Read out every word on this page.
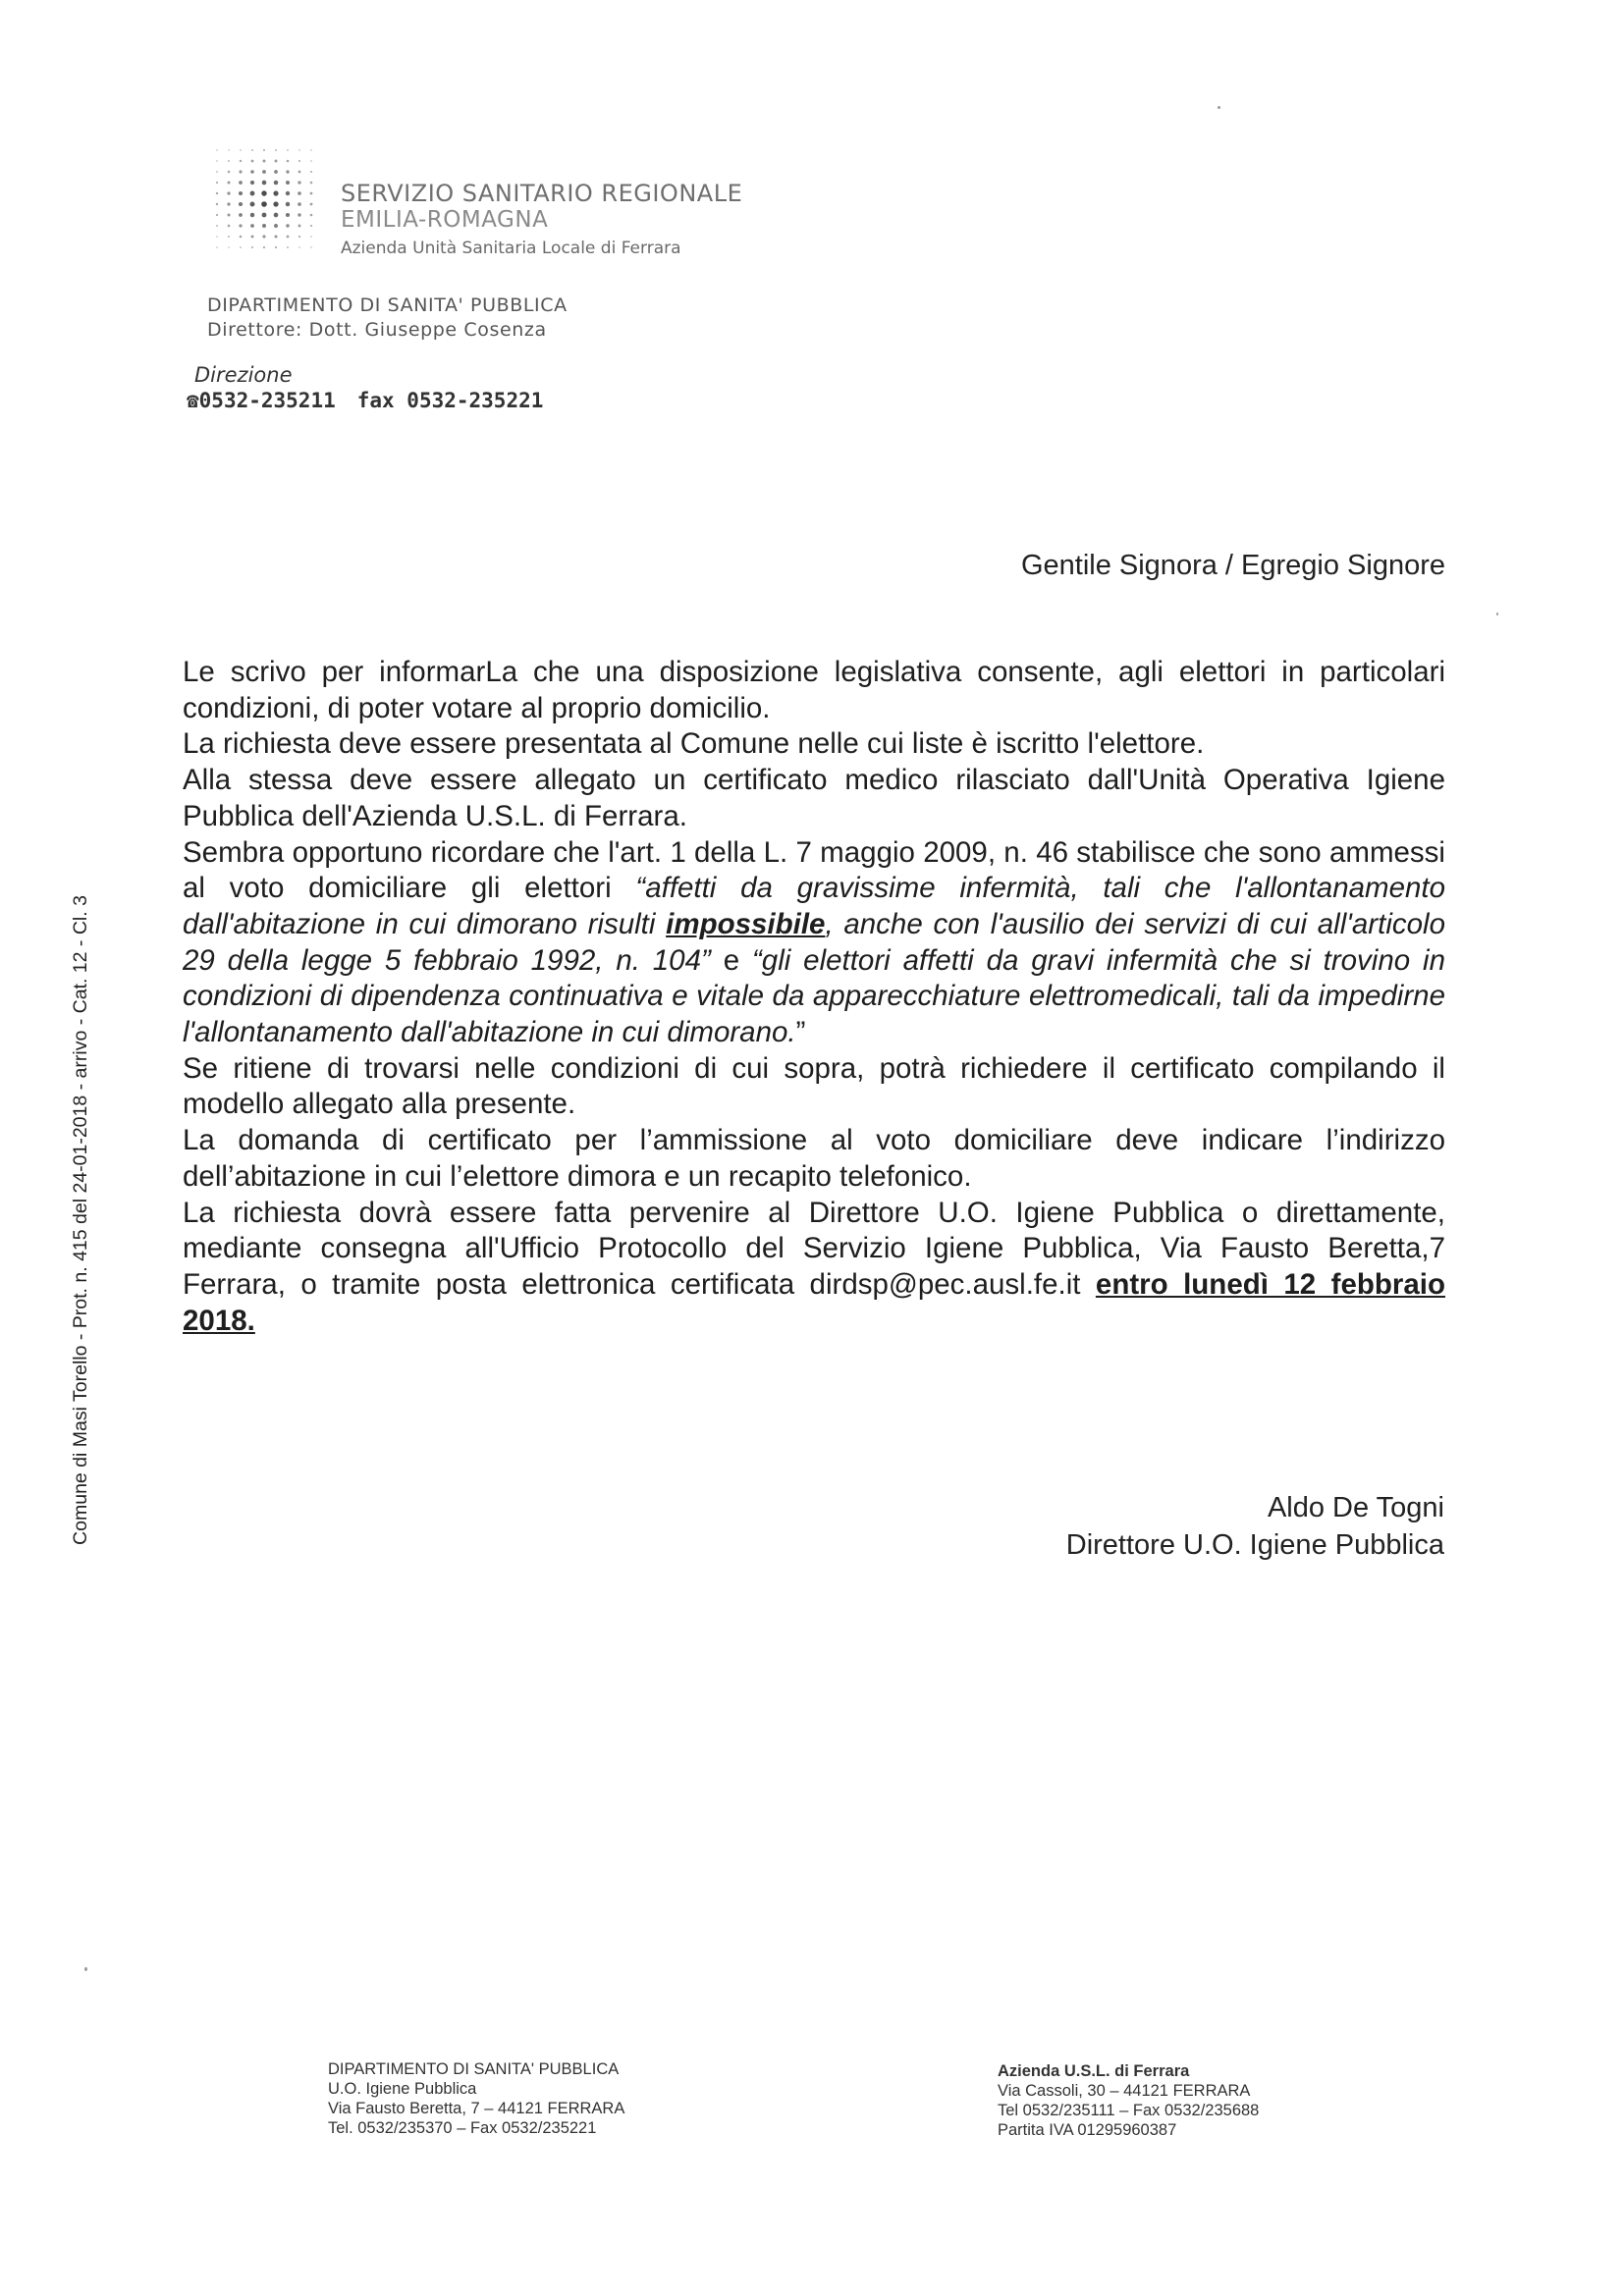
SERVIZIO SANITARIO REGIONALE
EMILIA-ROMAGNA
Azienda Unità Sanitaria Locale di Ferrara
DIPARTIMENTO DI SANITA' PUBBLICA
Direttore: Dott. Giuseppe Cosenza
Direzione
☎0532-235211 fax 0532-235221
Gentile Signora / Egregio Signore

Le scrivo per informarLa che una disposizione legislativa consente, agli elettori in particolari condizioni, di poter votare al proprio domicilio.

La richiesta deve essere presentata al Comune nelle cui liste è iscritto l'elettore.

Alla stessa deve essere allegato un certificato medico rilasciato dall'Unità Operativa Igiene Pubblica dell'Azienda U.S.L. di Ferrara.

Sembra opportuno ricordare che l'art. 1 della L. 7 maggio 2009, n. 46 stabilisce che sono ammessi al voto domiciliare gli elettori “affetti da gravissime infermità, tali che l'allontanamento dall'abitazione in cui dimorano risulti impossibile, anche con l'ausilio dei servizi di cui all'articolo 29 della legge 5 febbraio 1992, n. 104” e “gli elettori affetti da gravi infermità che si trovino in condizioni di dipendenza continuativa e vitale da apparecchiature elettromedicali, tali da impedirne l'allontanamento dall'abitazione in cui dimorano.”

Se ritiene di trovarsi nelle condizioni di cui sopra, potrà richiedere il certificato compilando il modello allegato alla presente.

La domanda di certificato per l’ammissione al voto domiciliare deve indicare l’indirizzo dell’abitazione in cui l’elettore dimora e un recapito telefonico.

La richiesta dovrà essere fatta pervenire al Direttore U.O. Igiene Pubblica o direttamente, mediante consegna all'Ufficio Protocollo del Servizio Igiene Pubblica, Via Fausto Beretta,7 Ferrara, o tramite posta elettronica certificata dirdsp@pec.ausl.fe.it entro lunedì 12 febbraio 2018.

Aldo De Togni
Direttore U.O. Igiene Pubblica
Comune di Masi Torello - Prot. n. 415 del 24-01-2018 - arrivo - Cat. 12 - Cl. 3
DIPARTIMENTO DI SANITA' PUBBLICA
U.O. Igiene Pubblica
Via Fausto Beretta, 7 – 44121 FERRARA
Tel. 0532/235370 – Fax 0532/235221
Azienda U.S.L. di Ferrara
Via Cassoli, 30 – 44121 FERRARA
Tel 0532/235111 – Fax 0532/235688
Partita IVA 01295960387
